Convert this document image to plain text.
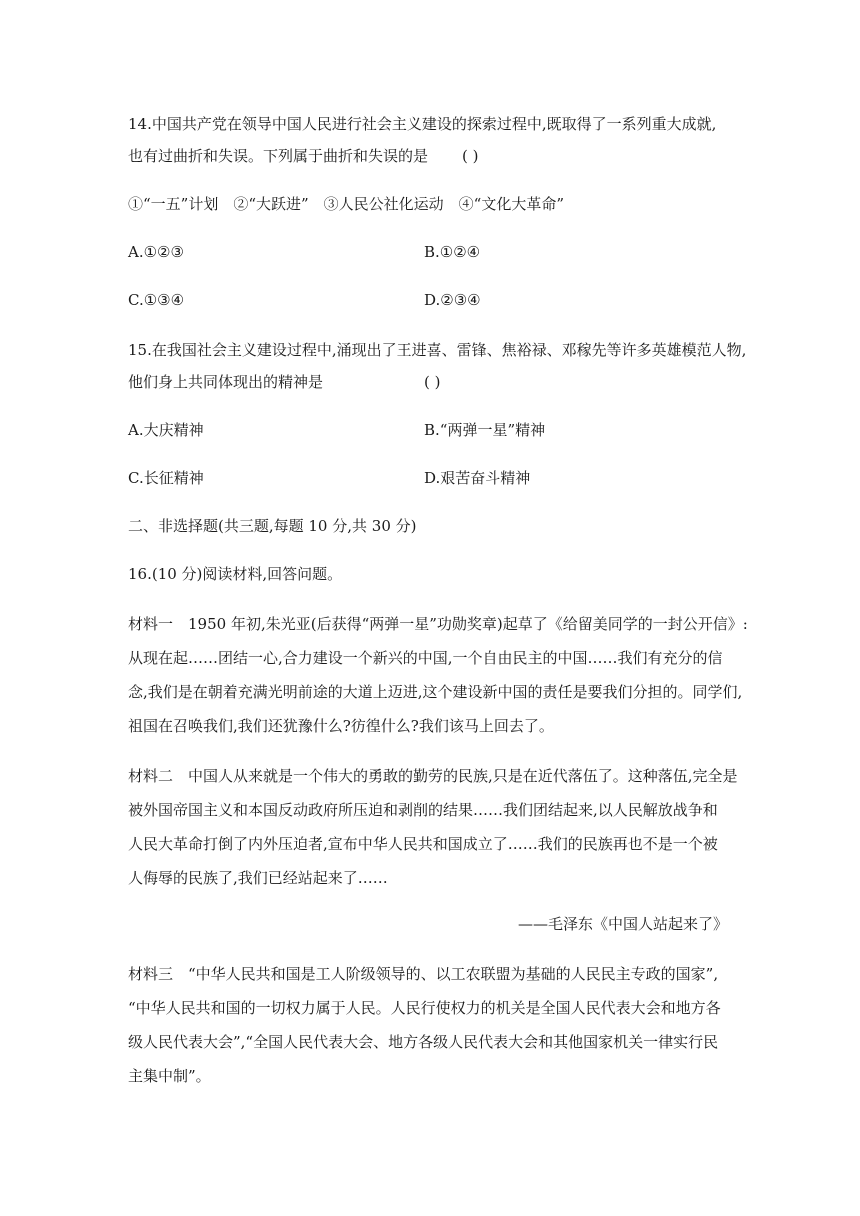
14.中国共产党在领导中国人民进行社会主义建设的探索过程中,既取得了一系列重大成就,
也有过曲折和失误。下列属于曲折和失误的是 ( )
①“一五”计划　②“大跃进”　③人民公社化运动　④“文化大革命”
A.①②③	B.①②④
C.①③④	D.②③④
15.在我国社会主义建设过程中,涌现出了王进喜、雷锋、焦裕禄、邓稼先等许多英雄模范人物,
他们身上共同体现出的精神是	( )
A.大庆精神	B.“两弹一星”精神
C.长征精神	D.艰苦奋斗精神
二、非选择题(共三题,每题 10 分,共 30 分)
16.(10 分)阅读材料,回答问题。
材料一　1950 年初,朱光亚(后获得“两弹一星”功勋奖章)起草了《给留美同学的一封公开信》:
从现在起……团结一心,合力建设一个新兴的中国,一个自由民主的中国……我们有充分的信
念,我们是在朝着充满光明前途的大道上迈进,这个建设新中国的责任是要我们分担的。同学们,
祖国在召唤我们,我们还犹豫什么?彷徨什么?我们该马上回去了。
材料二　中国人从来就是一个伟大的勇敢的勤劳的民族,只是在近代落伍了。这种落伍,完全是
被外国帝国主义和本国反动政府所压迫和剥削的结果……我们团结起来,以人民解放战争和
人民大革命打倒了内外压迫者,宣布中华人民共和国成立了……我们的民族再也不是一个被
人侮辱的民族了,我们已经站起来了……
——毛泽东《中国人站起来了》
材料三　“中华人民共和国是工人阶级领导的、以工农联盟为基础的人民民主专政的国家”,
“中华人民共和国的一切权力属于人民。人民行使权力的机关是全国人民代表大会和地方各
级人民代表大会”,“全国人民代表大会、地方各级人民代表大会和其他国家机关一律实行民
主集中制”。
